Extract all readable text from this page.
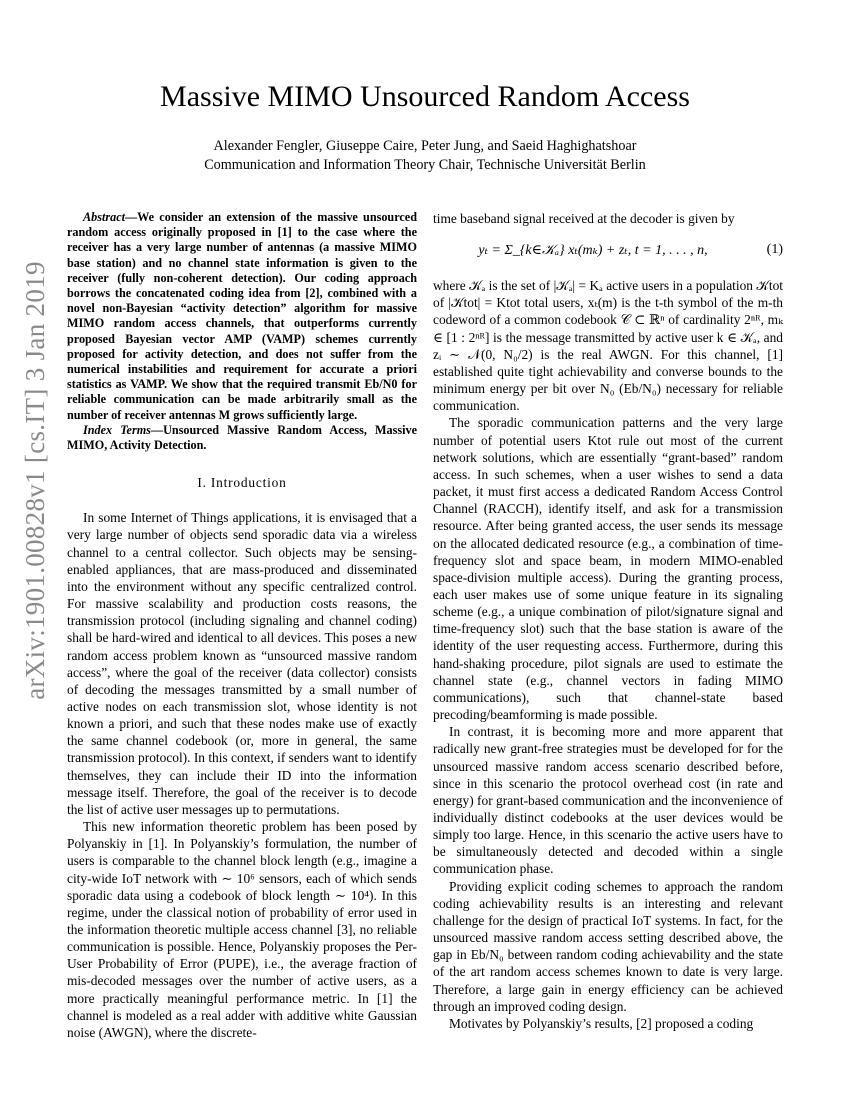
arXiv:1901.00828v1 [cs.IT] 3 Jan 2019
Massive MIMO Unsourced Random Access
Alexander Fengler, Giuseppe Caire, Peter Jung, and Saeid Haghighatshoar
Communication and Information Theory Chair, Technische Universität Berlin

Abstract—We consider an extension of the massive unsourced random access originally proposed in [1] to the case where the receiver has a very large number of antennas (a massive MIMO base station) and no channel state information is given to the receiver (fully non-coherent detection). Our coding approach borrows the concatenated coding idea from [2], combined with a novel non-Bayesian “activity detection” algorithm for massive MIMO random access channels, that outperforms currently proposed Bayesian vector AMP (VAMP) schemes currently proposed for activity detection, and does not suffer from the numerical instabilities and requirement for accurate a priori statistics as VAMP. We show that the required transmit Eb/N0 for reliable communication can be made arbitrarily small as the number of receiver antennas M grows sufficiently large.

Index Terms—Unsourced Massive Random Access, Massive MIMO, Activity Detection.

I. Introduction

In some Internet of Things applications, it is envisaged that a very large number of objects send sporadic data via a wireless channel to a central collector. Such objects may be sensing-enabled appliances, that are mass-produced and disseminated into the environment without any specific centralized control. For massive scalability and production costs reasons, the transmission protocol (including signaling and channel coding) shall be hard-wired and identical to all devices. This poses a new random access problem known as “unsourced massive random access”, where the goal of the receiver (data collector) consists of decoding the messages transmitted by a small number of active nodes on each transmission slot, whose identity is not known a priori, and such that these nodes make use of exactly the same channel codebook (or, more in general, the same transmission protocol). In this context, if senders want to identify themselves, they can include their ID into the information message itself. Therefore, the goal of the receiver is to decode the list of active user messages up to permutations.

This new information theoretic problem has been posed by Polyanskiy in [1]. In Polyanskiy’s formulation, the number of users is comparable to the channel block length (e.g., imagine a city-wide IoT network with ∼ 10⁶ sensors, each of which sends sporadic data using a codebook of block length ∼ 10⁴). In this regime, under the classical notion of probability of error used in the information theoretic multiple access channel [3], no reliable communication is possible. Hence, Polyanskiy proposes the Per-User Probability of Error (PUPE), i.e., the average fraction of mis-decoded messages over the number of active users, as a more practically meaningful performance metric. In [1] the channel is modeled as a real adder with additive white Gaussian noise (AWGN), where the discrete-

time baseband signal received at the decoder is given by

yₜ = Σ_{k∈𝒦ₐ} xₜ(mₖ) + zₜ, t = 1, . . . , n,	(1)

where 𝒦ₐ is the set of |𝒦ₐ| = Kₐ active users in a population 𝒦tot of |𝒦tot| = Ktot total users, xₜ(m) is the t-th symbol of the m-th codeword of a common codebook 𝒞 ⊂ ℝⁿ of cardinality 2ⁿᴿ, mₖ ∈ [1 : 2ⁿᴿ] is the message transmitted by active user k ∈ 𝒦ₐ, and zᵢ ∼ 𝒩(0, N₀/2) is the real AWGN. For this channel, [1] established quite tight achievability and converse bounds to the minimum energy per bit over N₀ (Eb/N₀) necessary for reliable communication.

The sporadic communication patterns and the very large number of potential users Ktot rule out most of the current network solutions, which are essentially “grant-based” random access. In such schemes, when a user wishes to send a data packet, it must first access a dedicated Random Access Control Channel (RACCH), identify itself, and ask for a transmission resource. After being granted access, the user sends its message on the allocated dedicated resource (e.g., a combination of time-frequency slot and space beam, in modern MIMO-enabled space-division multiple access). During the granting process, each user makes use of some unique feature in its signaling scheme (e.g., a unique combination of pilot/signature signal and time-frequency slot) such that the base station is aware of the identity of the user requesting access. Furthermore, during this hand-shaking procedure, pilot signals are used to estimate the channel state (e.g., channel vectors in fading MIMO communications), such that channel-state based precoding/beamforming is made possible.

In contrast, it is becoming more and more apparent that radically new grant-free strategies must be developed for for the unsourced massive random access scenario described before, since in this scenario the protocol overhead cost (in rate and energy) for grant-based communication and the inconvenience of individually distinct codebooks at the user devices would be simply too large. Hence, in this scenario the active users have to be simultaneously detected and decoded within a single communication phase.

Providing explicit coding schemes to approach the random coding achievability results is an interesting and relevant challenge for the design of practical IoT systems. In fact, for the unsourced massive random access setting described above, the gap in Eb/N₀ between random coding achievability and the state of the art random access schemes known to date is very large. Therefore, a large gain in energy efficiency can be achieved through an improved coding design.

Motivates by Polyanskiy’s results, [2] proposed a coding
